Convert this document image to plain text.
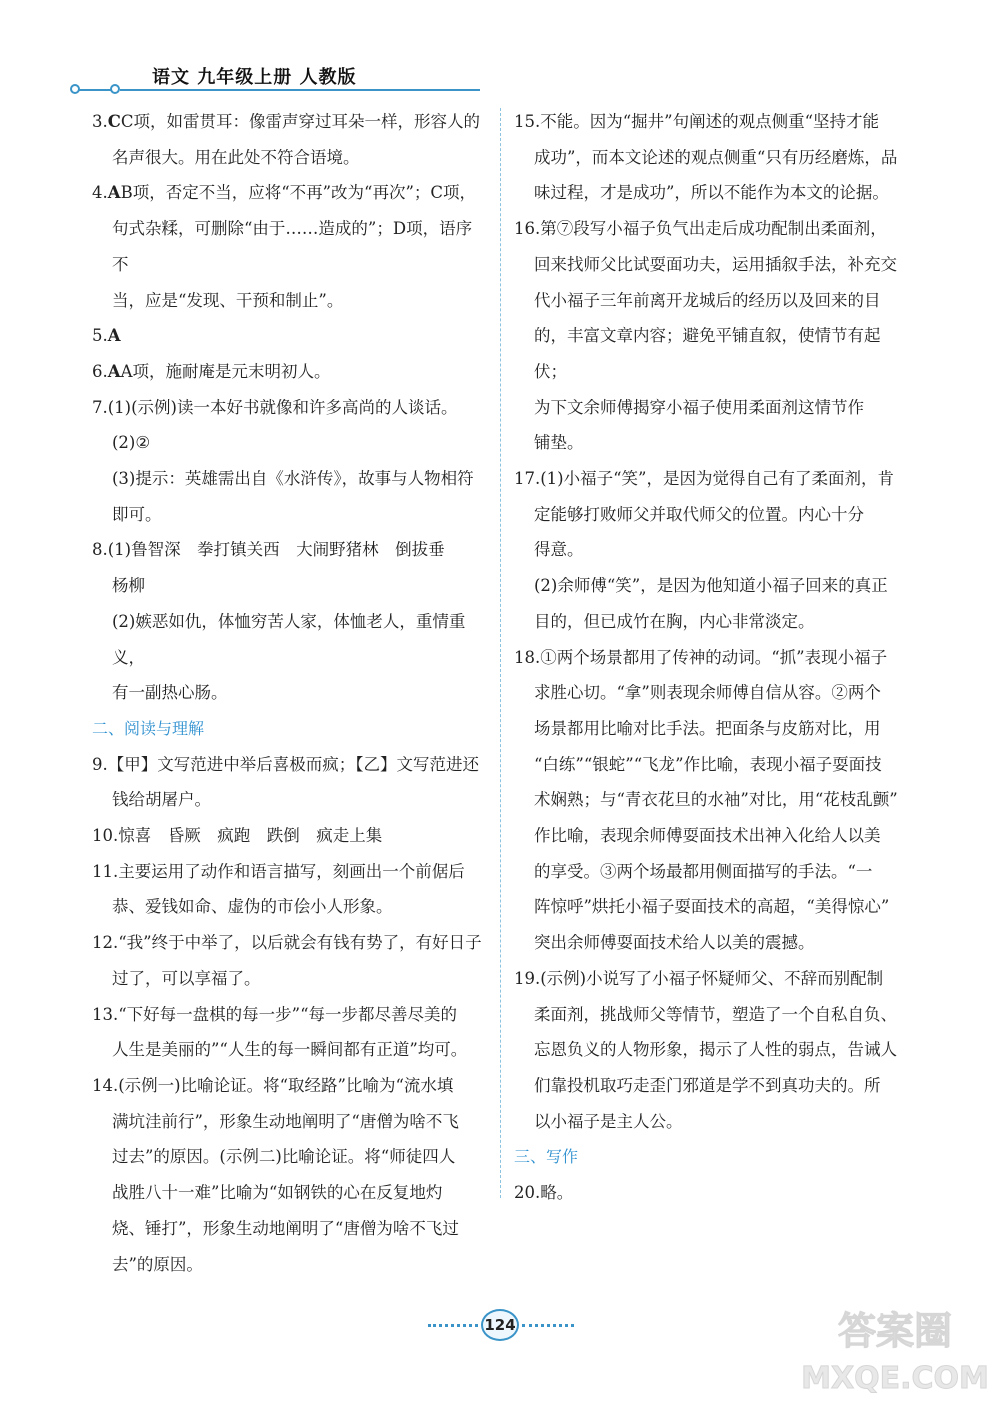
语文 九年级上册 人教版
3. C C项，如雷贯耳：像雷声穿过耳朵一样，形容人的
名声很大。用在此处不符合语境。
4. A B项，否定不当，应将“不再”改为“再次”；C项，
句式杂糅，可删除“由于……造成的”；D项，语序不
当，应是“发现、干预和制止”。
5. A
6. A A项，施耐庵是元末明初人。
7. (1)(示例)读一本好书就像和许多高尚的人谈话。
(2)②
(3)提示：英雄需出自《水浒传》，故事与人物相符
即可。
8. (1)鲁智深　拳打镇关西　大闹野猪林　倒拔垂
杨柳
(2)嫉恶如仇，体恤穷苦人家，体恤老人，重情重义，
有一副热心肠。
二、阅读与理解
9. 【甲】文写范进中举后喜极而疯；【乙】文写范进还
钱给胡屠户。
10. 惊喜　昏厥　疯跑　跌倒　疯走上集
11. 主要运用了动作和语言描写，刻画出一个前倨后
恭、爱钱如命、虚伪的市侩小人形象。
12. “我”终于中举了，以后就会有钱有势了，有好日子
过了，可以享福了。
13. “下好每一盘棋的每一步”“每一步都尽善尽美的
人生是美丽的”“人生的每一瞬间都有正道”均可。
14. (示例一)比喻论证。将“取经路”比喻为“流水填
满坑洼前行”，形象生动地阐明了“唐僧为啥不飞
过去”的原因。(示例二)比喻论证。将“师徒四人
战胜八十一难”比喻为“如钢铁的心在反复地灼
烧、锤打”，形象生动地阐明了“唐僧为啥不飞过
去”的原因。
15. 不能。因为“掘井”句阐述的观点侧重“坚持才能
成功”，而本文论述的观点侧重“只有历经磨炼，品
味过程，才是成功”，所以不能作为本文的论据。
16. 第⑦段写小福子负气出走后成功配制出柔面剂，
回来找师父比试耍面功夫，运用插叙手法，补充交
代小福子三年前离开龙城后的经历以及回来的目
的，丰富文章内容；避免平铺直叙，使情节有起伏；
为下文余师傅揭穿小福子使用柔面剂这情节作
铺垫。
17. (1)小福子“笑”，是因为觉得自己有了柔面剂，肯
定能够打败师父并取代师父的位置。内心十分
得意。
(2)余师傅“笑”，是因为他知道小福子回来的真正
目的，但已成竹在胸，内心非常淡定。
18. ①两个场景都用了传神的动词。“抓”表现小福子
求胜心切。“拿”则表现余师傅自信从容。②两个
场景都用比喻对比手法。把面条与皮筋对比，用
“白练”“银蛇”“飞龙”作比喻，表现小福子耍面技
术娴熟；与“青衣花旦的水袖”对比，用“花枝乱颤”
作比喻，表现余师傅耍面技术出神入化给人以美
的享受。③两个场最都用侧面描写的手法。“一
阵惊呼”烘托小福子耍面技术的高超，“美得惊心”
突出余师傅耍面技术给人以美的震撼。
19. (示例)小说写了小福子怀疑师父、不辞而别配制
柔面剂，挑战师父等情节，塑造了一个自私自负、
忘恩负义的人物形象，揭示了人性的弱点，告诫人
们靠投机取巧走歪门邪道是学不到真功夫的。所
以小福子是主人公。
三、写作
20. 略。
124	答案圈
MXQE.COM
